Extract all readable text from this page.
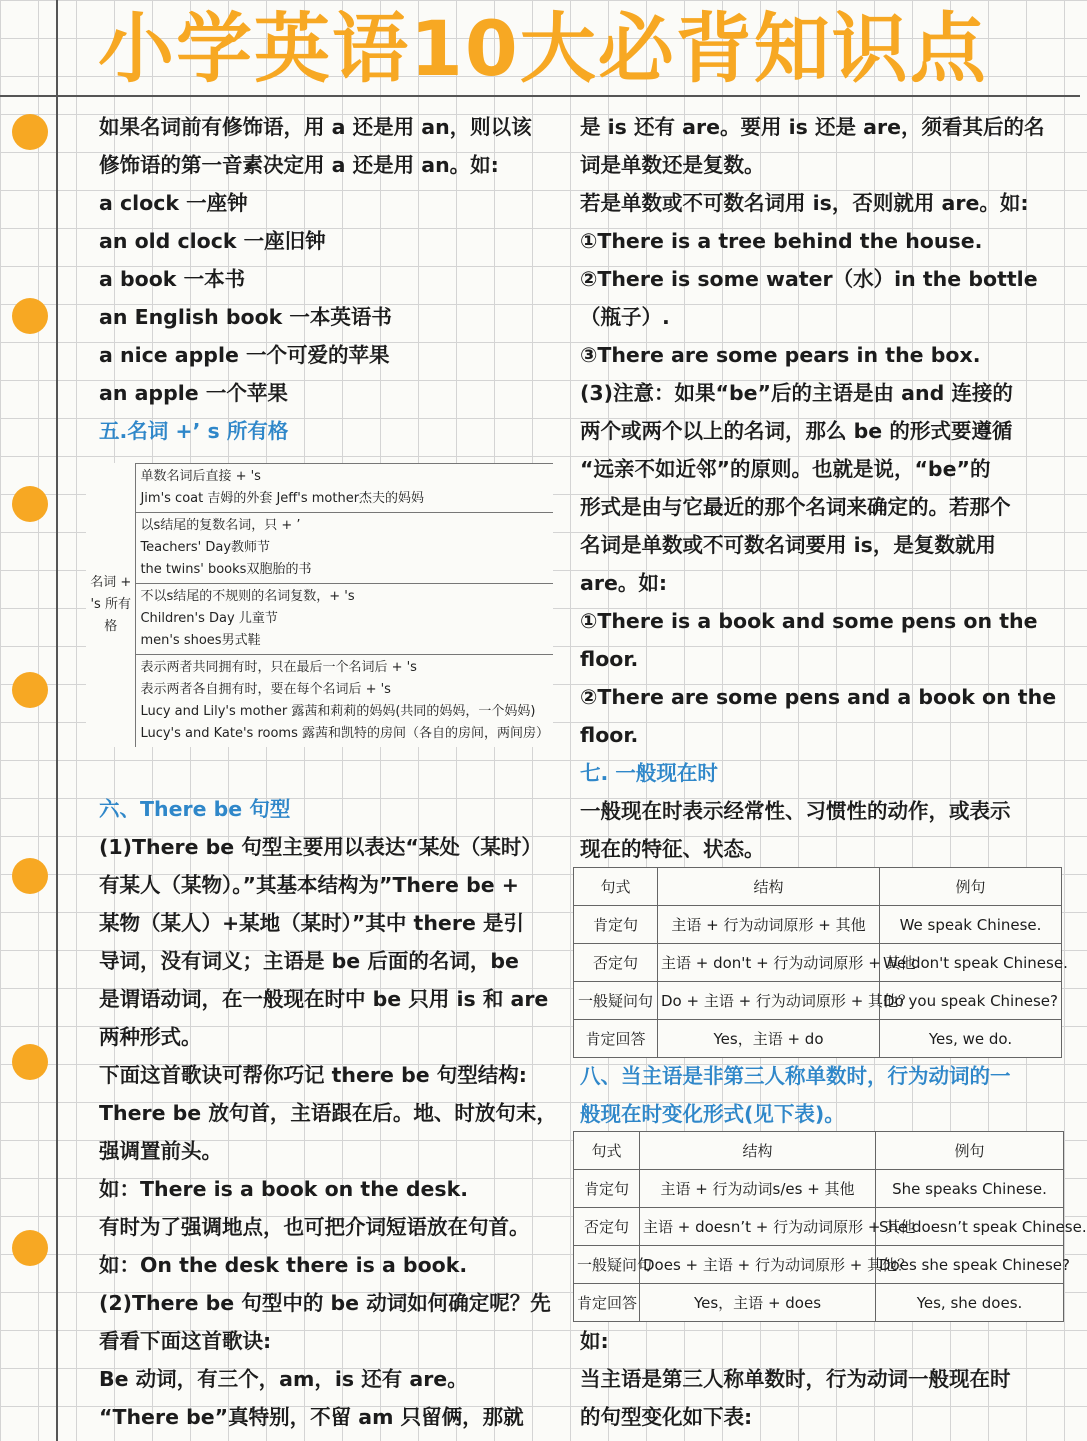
小学英语10大必背知识点

如果名词前有修饰语，用 a 还是用 an，则以该

修饰语的第一音素决定用 a 还是用 an。如:

a clock 一座钟

an old clock 一座旧钟

a book 一本书

an English book 一本英语书

a nice apple 一个可爱的苹果

an apple 一个苹果

五.名词 +’ s 所有格

名词 + 's 所有格	
单数名词后直接 + 's
Jim's coat 吉姆的外套 Jeff's mother杰夫的妈妈

以s结尾的复数名词，只 + ’
Teachers' Day教师节
the twins' books双胞胎的书

不以s结尾的不规则的名词复数，+ 's
Children's Day 儿童节
men's shoes男式鞋

表示两者共同拥有时，只在最后一个名词后 + 's
表示两者各自拥有时，要在每个名词后 + 's
Lucy and Lily's mother 露茜和莉莉的妈妈(共同的妈妈，一个妈妈)
Lucy's and Kate's rooms 露茜和凯特的房间（各自的房间，两间房）

六、There be 句型

(1)There be 句型主要用以表达“某处（某时）

有某人（某物）。”其基本结构为”There be +

某物（某人）+某地（某时）”其中 there 是引

导词，没有词义；主语是 be 后面的名词，be

是谓语动词，在一般现在时中 be 只用 is 和 are

两种形式。

下面这首歌诀可帮你巧记 there be 句型结构:

There be 放句首，主语跟在后。地、时放句末，

强调置前头。

如：There is a book on the desk.

有时为了强调地点，也可把介词短语放在句首。

如：On the desk there is a book.

(2)There be 句型中的 be 动词如何确定呢？先

看看下面这首歌诀:

Be 动词，有三个，am，is 还有 are。

“There be”真特别，不留 am 只留俩，那就

是 is 还有 are。要用 is 还是 are，须看其后的名

词是单数还是复数。

若是单数或不可数名词用 is，否则就用 are。如:

①There is a tree behind the house.

②There is some water（水）in the bottle

（瓶子）.

③There are some pears in the box.

(3)注意：如果“be”后的主语是由 and 连接的

两个或两个以上的名词，那么 be 的形式要遵循

“远亲不如近邻”的原则。也就是说，“be”的

形式是由与它最近的那个名词来确定的。若那个

名词是单数或不可数名词要用 is，是复数就用

are。如:

①There is a book and some pens on the

floor.

②There are some pens and a book on the

floor.

七. 一般现在时

一般现在时表示经常性、习惯性的动作，或表示

现在的特征、状态。

句式	结构	例句
肯定句	主语 + 行为动词原形 + 其他	We speak Chinese.
否定句	主语 + don't + 行为动词原形 + 其他	We don't speak Chinese.
一般疑问句	Do + 主语 + 行为动词原形 + 其他？	Do you speak Chinese?
肯定回答	Yes，主语 + do	Yes, we do.

八、当主语是非第三人称单数时，行为动词的一

般现在时变化形式(见下表)。

句式	结构	例句
肯定句	主语 + 行为动词s/es + 其他	She speaks Chinese.
否定句	主语 + doesn’t + 行为动词原形 + 其他	She doesn’t speak Chinese.
一般疑问句	Does + 主语 + 行为动词原形 + 其他？	Does she speak Chinese?
肯定回答	Yes，主语 + does	Yes, she does.

如:

当主语是第三人称单数时，行为动词一般现在时

的句型变化如下表:
